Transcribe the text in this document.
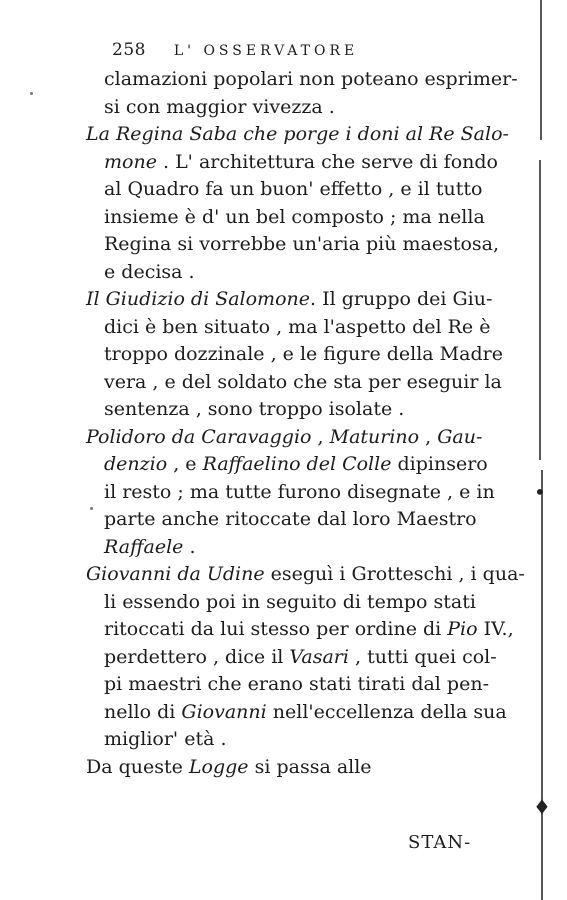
•
♦
258 L' OSSERVATORE
clamazioni popolari non poteano esprimer-
si con maggior vivezza .
La Regina Saba che porge i doni al Re Salo-
mone . L' architettura che serve di fondo
al Quadro fa un buon' effetto , e il tutto
insieme è d' un bel composto ; ma nella
Regina si vorrebbe un'aria più maestosa,
e decisa .
Il Giudizio di Salomone. Il gruppo dei Giu-
dici è ben situato , ma l'aspetto del Re è
troppo dozzinale , e le figure della Madre
vera , e del soldato che sta per eseguir la
sentenza , sono troppo isolate .
Polidoro da Caravaggio , Maturino , Gau-
denzio , e Raffaelino del Colle dipinsero
il resto ; ma tutte furono disegnate , e in
parte anche ritoccate dal loro Maestro
Raffaele .
Giovanni da Udine eseguì i Grotteschi , i qua-
li essendo poi in seguito di tempo stati
ritoccati da lui stesso per ordine di Pio IV.,
perdettero , dice il Vasari , tutti quei col-
pi maestri che erano stati tirati dal pen-
nello di Giovanni nell'eccellenza della sua
miglior' età .
Da queste Logge si passa alle
STAN-
